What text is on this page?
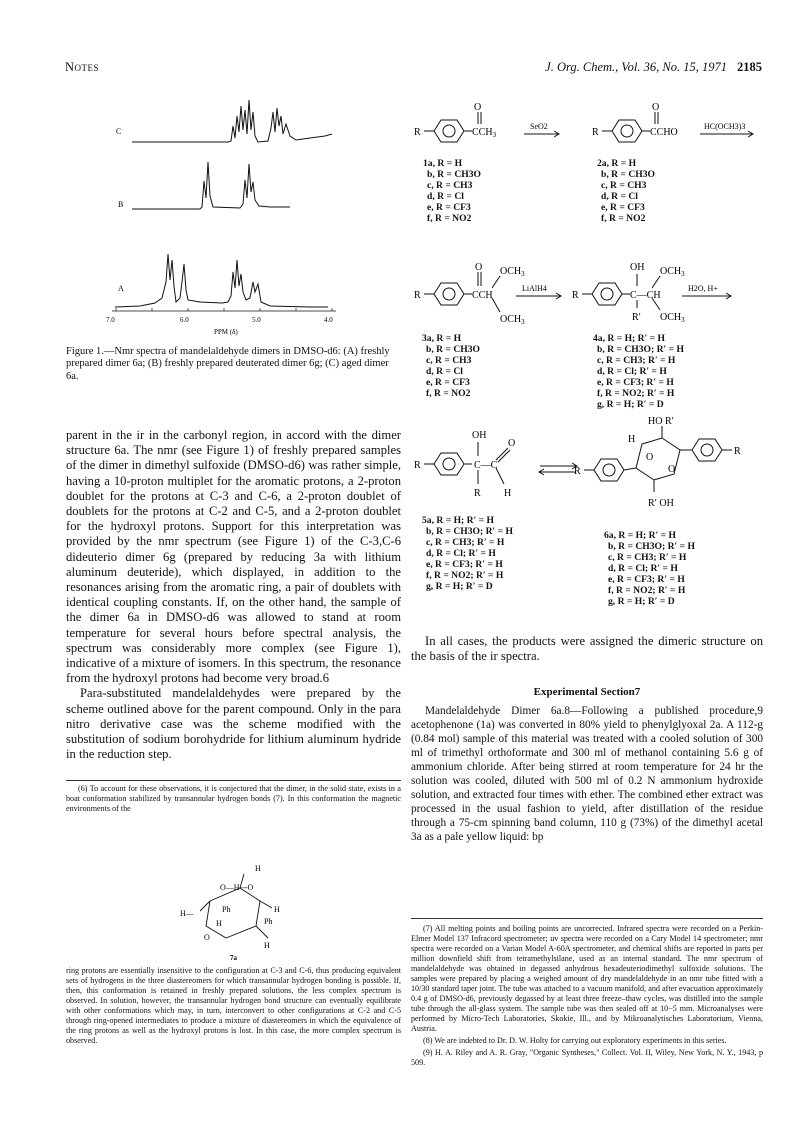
Notes	J. Org. Chem., Vol. 36, No. 15, 1971 2185
C
B
A
7.0	6.0	5.0	4.0
PPM (δ)
Figure 1.—Nmr spectra of mandelaldehyde dimers in DMSO-d6: (A) freshly prepared dimer 6a; (B) freshly prepared deuterated dimer 6g; (C) aged dimer 6a.

parent in the ir in the carbonyl region, in accord with the dimer structure 6a. The nmr (see Figure 1) of freshly prepared samples of the dimer in dimethyl sulfoxide (DMSO-d6) was rather simple, having a 10-proton multiplet for the aromatic protons, a 2-proton doublet for the protons at C-3 and C-6, a 2-proton doublet of doublets for the protons at C-2 and C-5, and a 2-proton doublet for the hydroxyl protons. Support for this interpretation was provided by the nmr spectrum (see Figure 1) of the C-3,C-6 dideuterio dimer 6g (prepared by reducing 3a with lithium aluminum deuteride), which displayed, in addition to the resonances arising from the aromatic ring, a pair of doublets with identical coupling constants. If, on the other hand, the sample of the dimer 6a in DMSO-d6 was allowed to stand at room temperature for several hours before spectral analysis, the spectrum was considerably more complex (see Figure 1), indicative of a mixture of isomers. In this spectrum, the resonance from the hydroxyl protons had become very broad.6

Para-substituted mandelaldehydes were prepared by the scheme outlined above for the parent compound. Only in the para nitro derivative case was the scheme modified with the substitution of sodium borohydride for lithium aluminum hydride in the reduction step.

(6) To account for these observations, it is conjectured that the dimer, in the solid state, exists in a boat conformation stabilized by transannular hydrogen bonds (7). In this conformation the magnetic environments of the

H
O—H---O
H—	Ph	H
H	Ph
O
H
7a

ring protons are essentially insensitive to the configuration at C-3 and C-6, thus producing equivalent sets of hydrogens in the three diastereomers for which transannular hydrogen bonding is possible. If, then, this conformation is retained in freshly prepared solutions, the less complex spectrum is observed. In solution, however, the transannular hydrogen bond structure can eventually equilibrate with other conformations which may, in turn, interconvert to other configurations at C-2 and C-5 through ring-opened intermediates to produce a mixture of diastereomers in which the equivalence of the ring protons as well as the hydroxyl protons is lost. In this case, the more complex spectrum is observed.

R
O
$CCH_3$	R
O
CCHO
SeO2	HC(OCH3)3
1a, R = H
b, R = CH3O
c, R = CH3
d, R = Cl
e, R = CF3
f, R = NO2
2a, R = H
b, R = CH3O
c, R = CH3
d, R = Cl
e, R = CF3
f, R = NO2
R
O $OCH_3$
CCH
$OCH_3$
R
OH $OCH_3$
C—CH
R′ $OCH_3$
LiAlH4	H2O, H+
3a, R = H
b, R = CH3O
c, R = CH3
d, R = Cl
e, R = CF3
f, R = NO2
4a, R = H; R′ = H
b, R = CH3O; R′ = H
c, R = CH3; R′ = H
d, R = Cl; R′ = H
e, R = CF3; R′ = H
f, R = NO2; R′ = H
g, R = H; R′ = D
R
OH
C—C
O
R H
HO R′
H
O
O
R
R
R′ OH
5a, R = H; R′ = H
b, R = CH3O; R′ = H
c, R = CH3; R′ = H
d, R = Cl; R′ = H
e, R = CF3; R′ = H
f, R = NO2; R′ = H
g, R = H; R′ = D
6a, R = H; R′ = H
b, R = CH3O; R′ = H
c, R = CH3; R′ = H
d, R = Cl; R′ = H
e, R = CF3; R′ = H
f, R = NO2; R′ = H
g, R = H; R′ = D

In all cases, the products were assigned the dimeric structure on the basis of the ir spectra.

Experimental Section7

Mandelaldehyde Dimer 6a.8—Following a published procedure,9 acetophenone (1a) was converted in 80% yield to phenylglyoxal 2a. A 112-g (0.84 mol) sample of this material was treated with a cooled solution of 300 ml of trimethyl orthoformate and 300 ml of methanol containing 5.6 g of ammonium chloride. After being stirred at room temperature for 24 hr the solution was cooled, diluted with 500 ml of 0.2 N ammonium hydroxide solution, and extracted four times with ether. The combined ether extract was processed in the usual fashion to yield, after distillation of the residue through a 75-cm spinning band column, 110 g (73%) of the dimethyl acetal 3a as a pale yellow liquid: bp

(7) All melting points and boiling points are uncorrected. Infrared spectra were recorded on a Perkin-Elmer Model 137 Infracord spectrometer; uv spectra were recorded on a Cary Model 14 spectrometer; nmr spectra were recorded on a Varian Model A-60A spectrometer, and chemical shifts are reported in parts per million downfield shift from tetramethylsilane, used as an internal standard. The nmr spectrum of mandelaldehyde was obtained in degassed anhydrous hexadeuteriodimethyl sulfoxide solutions. The samples were prepared by placing a weighed amount of dry mandelaldehyde in an nmr tube fitted with a 10/30 standard taper joint. The tube was attached to a vacuum manifold, and after evacuation approximately 0.4 g of DMSO-d6, previously degassed by at least three freeze–thaw cycles, was distilled into the sample tube through the all-glass system. The sample tube was then sealed off at 10−5 mm. Microanalyses were performed by Micro-Tech Laboratories, Skokie, Ill., and by Mikroanalytisches Laboratorium, Vienna, Austria.

(8) We are indebted to Dr. D. W. Holty for carrying out exploratory experiments in this series.

(9) H. A. Riley and A. R. Gray, "Organic Syntheses," Collect. Vol. II, Wiley, New York, N. Y., 1943, p 509.
